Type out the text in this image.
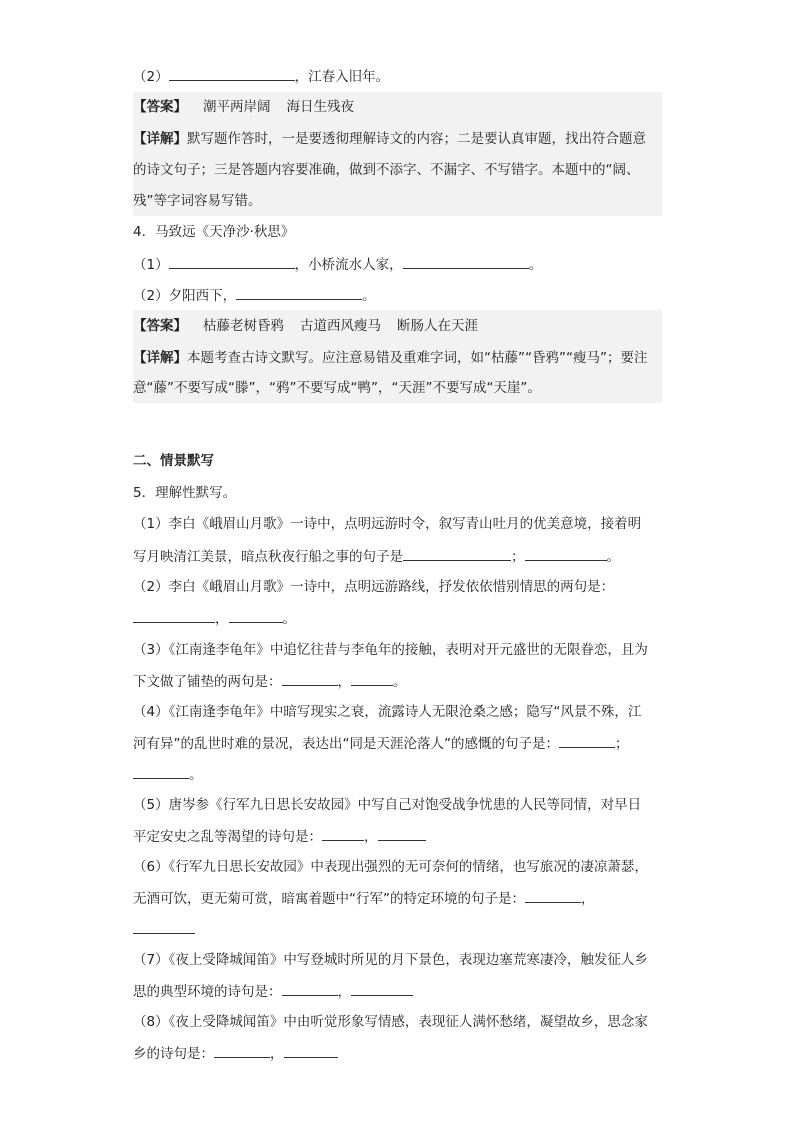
（2）	，江春入旧年。
【答案】 潮平两岸阔 海日生残夜
【详解】默写题作答时，一是要透彻理解诗文的内容；二是要认真审题，找出符合题意
的诗文句子；三是答题内容要准确，做到不添字、不漏字、不写错字。本题中的“阔、
残”等字词容易写错。
4．马致远《天净沙·秋思》
（1）	，小桥流水人家，	。
（2）夕阳西下，	。
【答案】 枯藤老树昏鸦 古道西风瘦马 断肠人在天涯
【详解】本题考查古诗文默写。应注意易错及重难字词，如“枯藤”“昏鸦”“瘦马”；要注
意“藤”不要写成“滕”，“鸦”不要写成“鸭”，“天涯”不要写成“天崖”。
二、情景默写
5．理解性默写。
（1）李白《峨眉山月歌》一诗中，点明远游时令，叙写青山吐月的优美意境，接着明
写月映清江美景，暗点秋夜行船之事的句子是	；	。
（2）李白《峨眉山月歌》一诗中，点明远游路线，抒发依依惜别情思的两句是：
，	。
（3）《江南逢李龟年》中追忆往昔与李龟年的接触，表明对开元盛世的无限眷恋，且为
下文做了铺垫的两句是：	，	。
（4）《江南逢李龟年》中暗写现实之衰，流露诗人无限沧桑之感；隐写“风景不殊，江
河有异”的乱世时难的景况，表达出“同是天涯沦落人”的感慨的句子是：	；
。
（5）唐岑参《行军九日思长安故园》中写自己对饱受战争忧患的人民等同情，对早日
平定安史之乱等渴望的诗句是：	，
（6）《行军九日思长安故园》中表现出强烈的无可奈何的情绪，也写旅况的凄凉萧瑟，
无酒可饮，更无菊可赏，暗寓着题中“行军”的特定环境的句子是：	，
（7）《夜上受降城闻笛》中写登城时所见的月下景色，表现边塞荒寒凄冷，触发征人乡
思的典型环境的诗句是：	，
（8）《夜上受降城闻笛》中由听觉形象写情感，表现征人满怀愁绪，凝望故乡，思念家
乡的诗句是：	，
